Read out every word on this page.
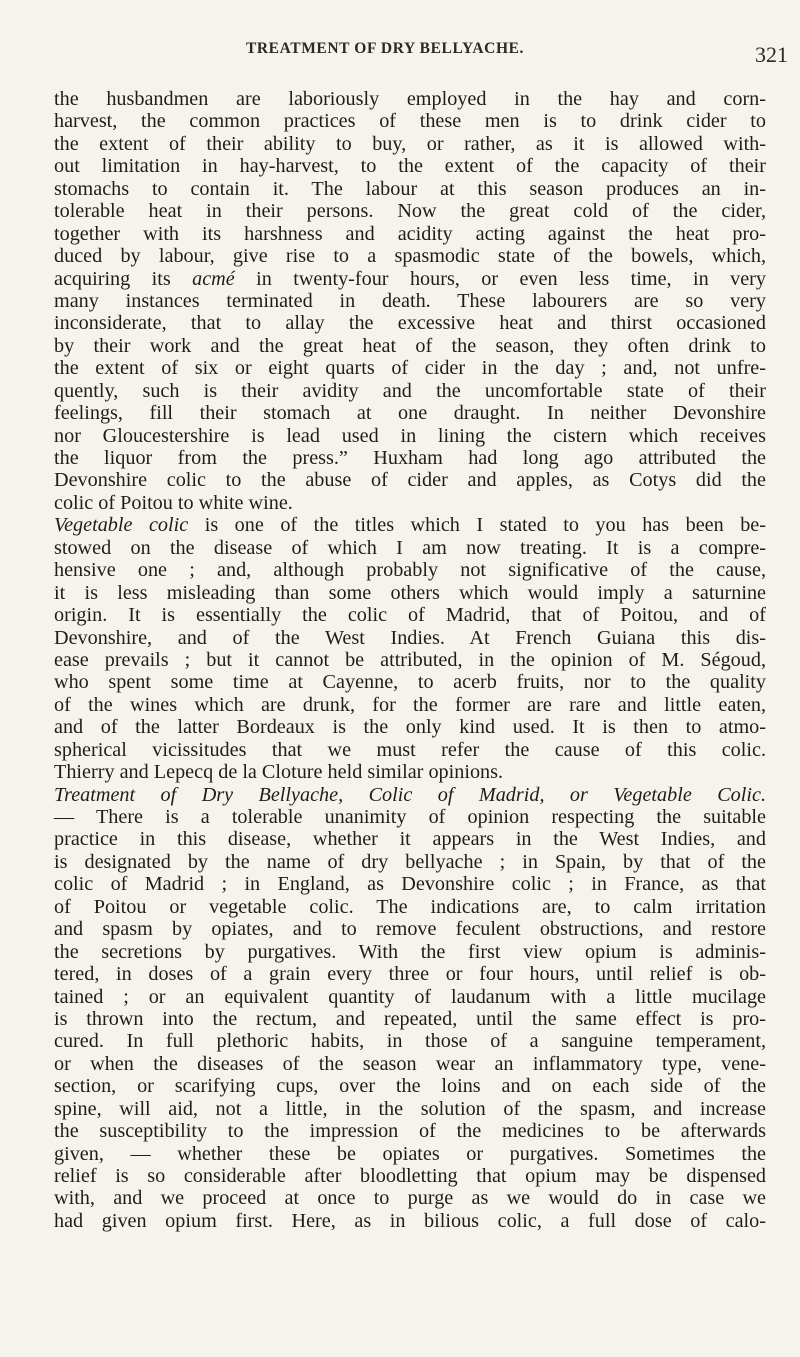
TREATMENT OF DRY BELLYACHE.	321
the husbandmen are laboriously employed in the hay and corn-
harvest, the common practices of these men is to drink cider to
the extent of their ability to buy, or rather, as it is allowed with-
out limitation in hay-harvest, to the extent of the capacity of their
stomachs to contain it. The labour at this season produces an in-
tolerable heat in their persons. Now the great cold of the cider,
together with its harshness and acidity acting against the heat pro-
duced by labour, give rise to a spasmodic state of the bowels, which,
acquiring its acmé in twenty-four hours, or even less time, in very
many instances terminated in death. These labourers are so very
inconsiderate, that to allay the excessive heat and thirst occasioned
by their work and the great heat of the season, they often drink to
the extent of six or eight quarts of cider in the day ; and, not unfre-
quently, such is their avidity and the uncomfortable state of their
feelings, fill their stomach at one draught. In neither Devonshire
nor Gloucestershire is lead used in lining the cistern which receives
the liquor from the press.” Huxham had long ago attributed the
Devonshire colic to the abuse of cider and apples, as Cotys did the
colic of Poitou to white wine.
Vegetable colic is one of the titles which I stated to you has been be-
stowed on the disease of which I am now treating. It is a compre-
hensive one ; and, although probably not significative of the cause,
it is less misleading than some others which would imply a saturnine
origin. It is essentially the colic of Madrid, that of Poitou, and of
Devonshire, and of the West Indies. At French Guiana this dis-
ease prevails ; but it cannot be attributed, in the opinion of M. Ségoud,
who spent some time at Cayenne, to acerb fruits, nor to the quality
of the wines which are drunk, for the former are rare and little eaten,
and of the latter Bordeaux is the only kind used. It is then to atmo-
spherical vicissitudes that we must refer the cause of this colic.
Thierry and Lepecq de la Cloture held similar opinions.
Treatment of Dry Bellyache, Colic of Madrid, or Vegetable Colic.
— There is a tolerable unanimity of opinion respecting the suitable
practice in this disease, whether it appears in the West Indies, and
is designated by the name of dry bellyache ; in Spain, by that of the
colic of Madrid ; in England, as Devonshire colic ; in France, as that
of Poitou or vegetable colic. The indications are, to calm irritation
and spasm by opiates, and to remove feculent obstructions, and restore
the secretions by purgatives. With the first view opium is adminis-
tered, in doses of a grain every three or four hours, until relief is ob-
tained ; or an equivalent quantity of laudanum with a little mucilage
is thrown into the rectum, and repeated, until the same effect is pro-
cured. In full plethoric habits, in those of a sanguine temperament,
or when the diseases of the season wear an inflammatory type, vene-
section, or scarifying cups, over the loins and on each side of the
spine, will aid, not a little, in the solution of the spasm, and increase
the susceptibility to the impression of the medicines to be afterwards
given, — whether these be opiates or purgatives. Sometimes the
relief is so considerable after bloodletting that opium may be dispensed
with, and we proceed at once to purge as we would do in case we
had given opium first. Here, as in bilious colic, a full dose of calo-
